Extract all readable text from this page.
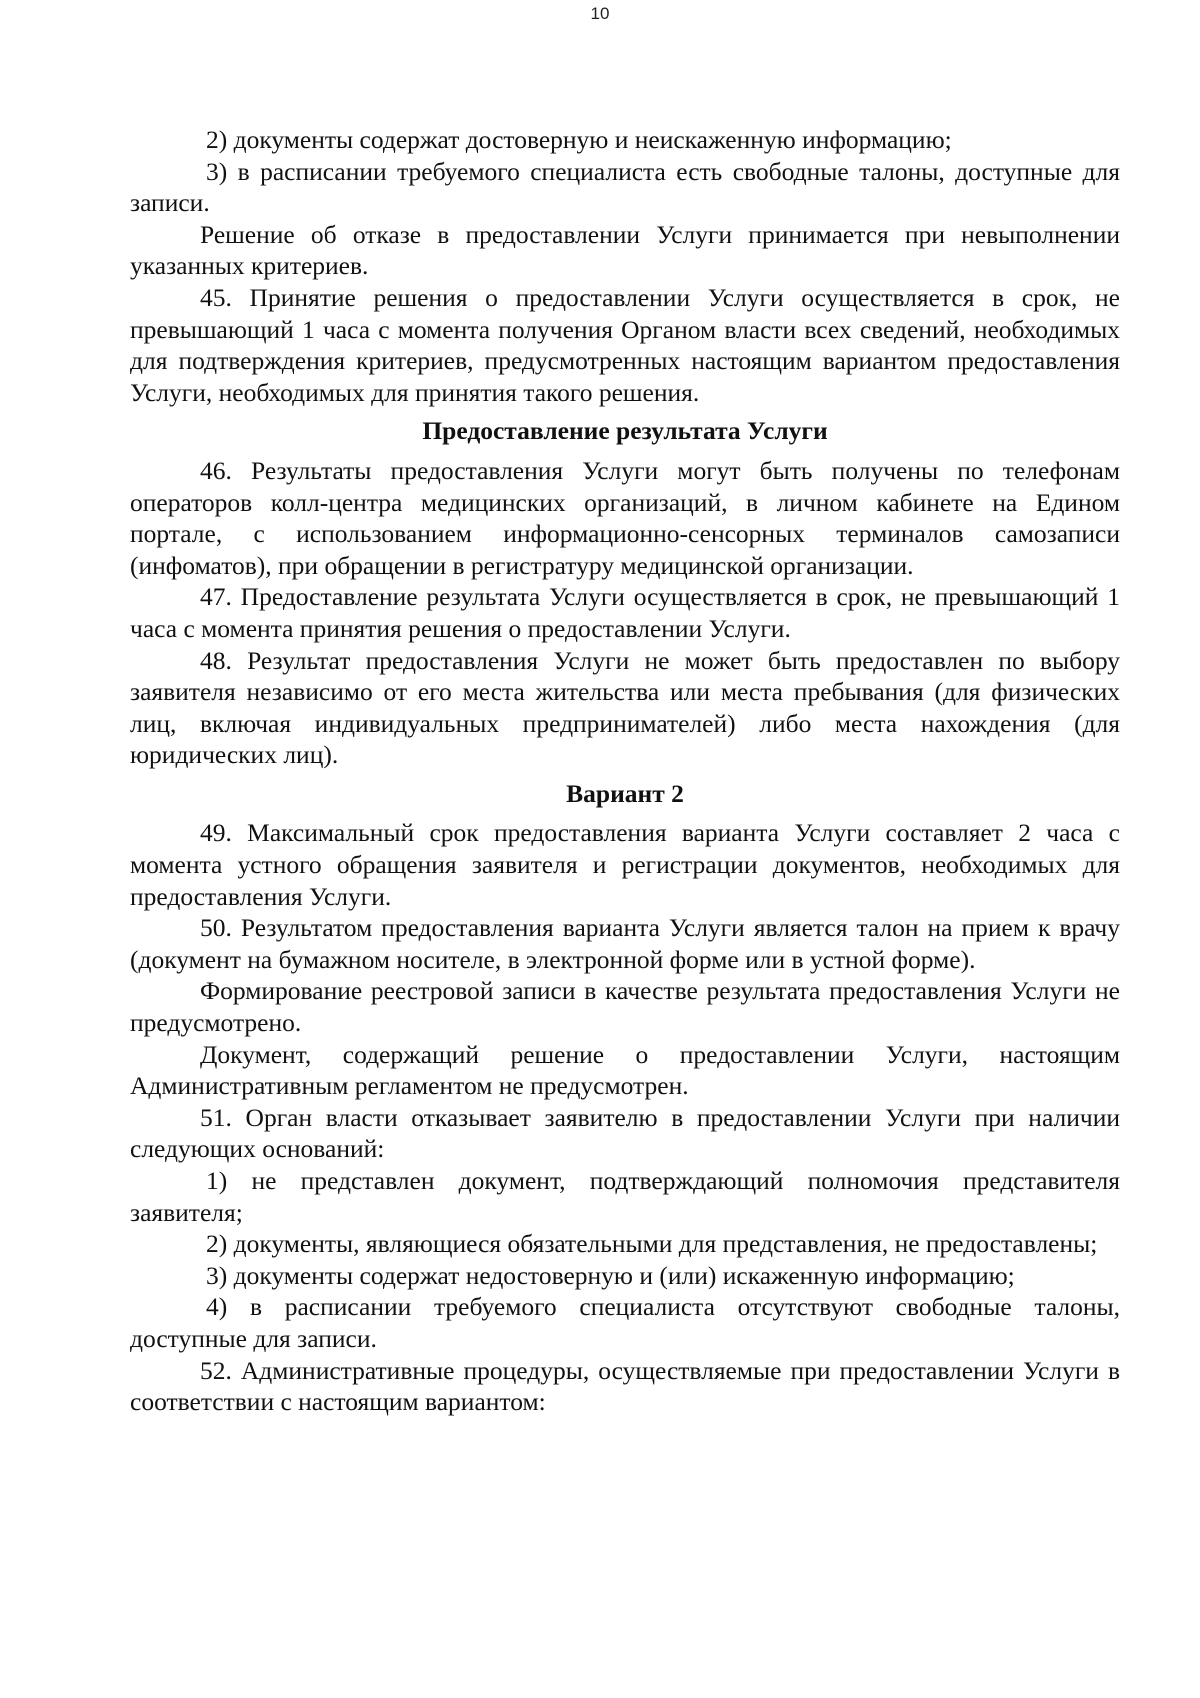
10

2) документы содержат достоверную и неискаженную информацию;

3) в расписании требуемого специалиста есть свободные талоны, доступные для записи.

Решение об отказе в предоставлении Услуги принимается при невыполнении указанных критериев.

45. Принятие решения о предоставлении Услуги осуществляется в срок, не превышающий 1 часа с момента получения Органом власти всех сведений, необходимых для подтверждения критериев, предусмотренных настоящим вариантом предоставления Услуги, необходимых для принятия такого решения.

Предоставление результата Услуги

46. Результаты предоставления Услуги могут быть получены по телефонам операторов колл-центра медицинских организаций, в личном кабинете на Едином портале, с использованием информационно-сенсорных терминалов самозаписи (инфоматов), при обращении в регистратуру медицинской организации.

47. Предоставление результата Услуги осуществляется в срок, не превышающий 1 часа с момента принятия решения о предоставлении Услуги.

48. Результат предоставления Услуги не может быть предоставлен по выбору заявителя независимо от его места жительства или места пребывания (для физических лиц, включая индивидуальных предпринимателей) либо места нахождения (для юридических лиц).

Вариант 2

49. Максимальный срок предоставления варианта Услуги составляет 2 часа с момента устного обращения заявителя и регистрации документов, необходимых для предоставления Услуги.

50. Результатом предоставления варианта Услуги является талон на прием к врачу (документ на бумажном носителе, в электронной форме или в устной форме).

Формирование реестровой записи в качестве результата предоставления Услуги не предусмотрено.

Документ, содержащий решение о предоставлении Услуги, настоящим Административным регламентом не предусмотрен.

51. Орган власти отказывает заявителю в предоставлении Услуги при наличии следующих оснований:

1) не представлен документ, подтверждающий полномочия представителя заявителя;

2) документы, являющиеся обязательными для представления, не предоставлены;

3) документы содержат недостоверную и (или) искаженную информацию;

4) в расписании требуемого специалиста отсутствуют свободные талоны, доступные для записи.

52. Административные процедуры, осуществляемые при предоставлении Услуги в соответствии с настоящим вариантом:
